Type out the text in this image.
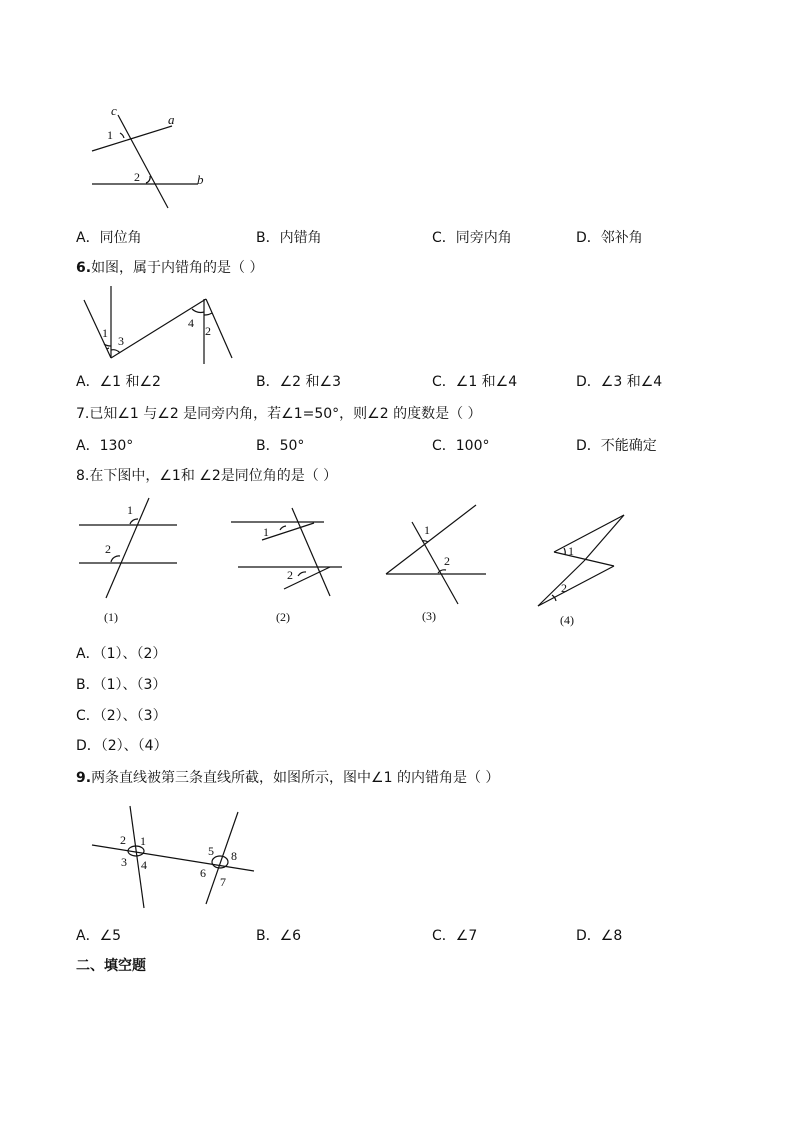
c
a
b
1
2
A．同位角	B．内错角	C．同旁内角	D．邻补角
6.如图，属于内错角的是（ ）
1
3
4
2
A．∠1 和∠2	B．∠2 和∠3	C．∠1 和∠4	D．∠3 和∠4
7.已知∠1 与∠2 是同旁内角，若∠1=50°，则∠2 的度数是（ ）
A．130°	B．50°	C．100°	D．不能确定
8.在下图中，∠1和 ∠2是同位角的是（ ）
1
2
(1)
1
2
(2)
1
2
(3)
1
2
(4)
A．（1）、（2）
B．（1）、（3）
C．（2）、（3）
D．（2）、（4）
9.两条直线被第三条直线所截，如图所示，图中∠1 的内错角是（ ）
2 1
3 4
5 8
6
7
A．∠5	B．∠6	C．∠7	D．∠8
二、填空题
